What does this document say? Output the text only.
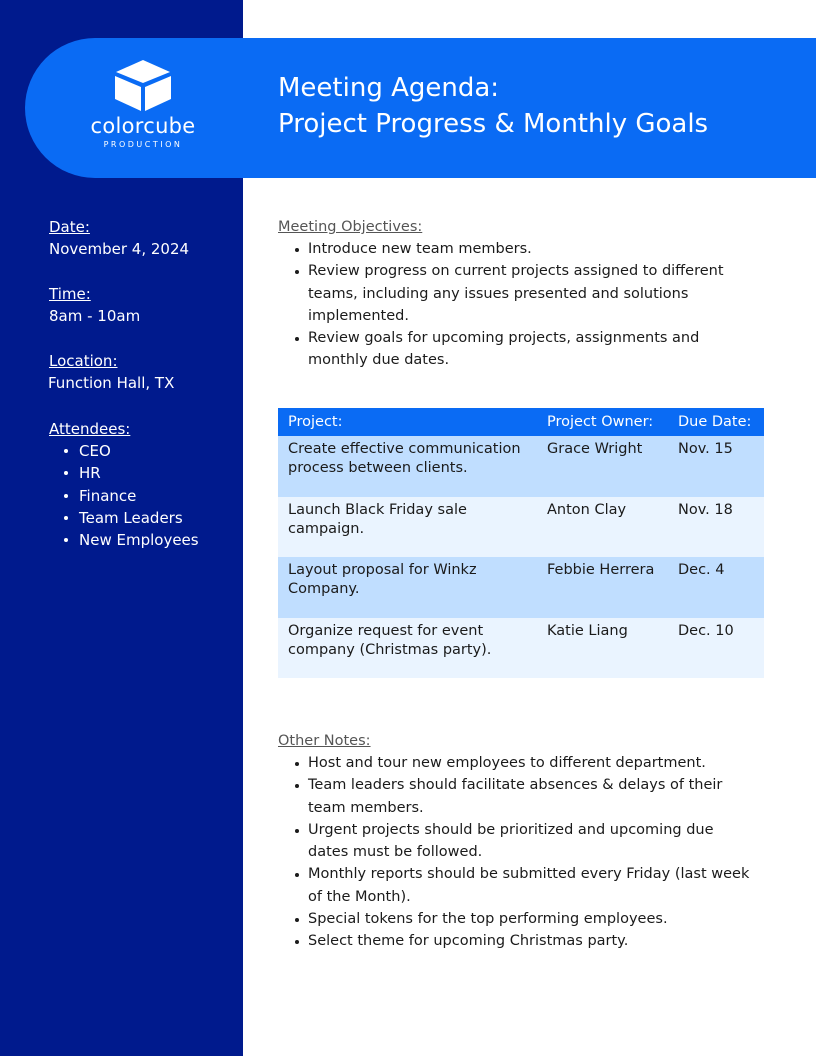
colorcube
PRODUCTION
Meeting Agenda:
Project Progress & Monthly Goals
Date:
November 4, 2024
Time:
8am - 10am
Location:
Function Hall, TX
Attendees:
CEO
HR
Finance
Team Leaders
New Employees
Meeting Objectives:
Introduce new team members.
Review progress on current projects assigned to different teams, including any issues presented and solutions implemented.
Review goals for upcoming projects, assignments and monthly due dates.
Project:	Project Owner:	Due Date:
Create effective communication process between clients.	Grace Wright	Nov. 15
Launch Black Friday sale campaign.	Anton Clay	Nov. 18
Layout proposal for Winkz Company.	Febbie Herrera	Dec. 4
Organize request for event company (Christmas party).	Katie Liang	Dec. 10
Other Notes:
Host and tour new employees to different department.
Team leaders should facilitate absences & delays of their team members.
Urgent projects should be prioritized and upcoming due dates must be followed.
Monthly reports should be submitted every Friday (last week of the Month).
Special tokens for the top performing employees.
Select theme for upcoming Christmas party.
